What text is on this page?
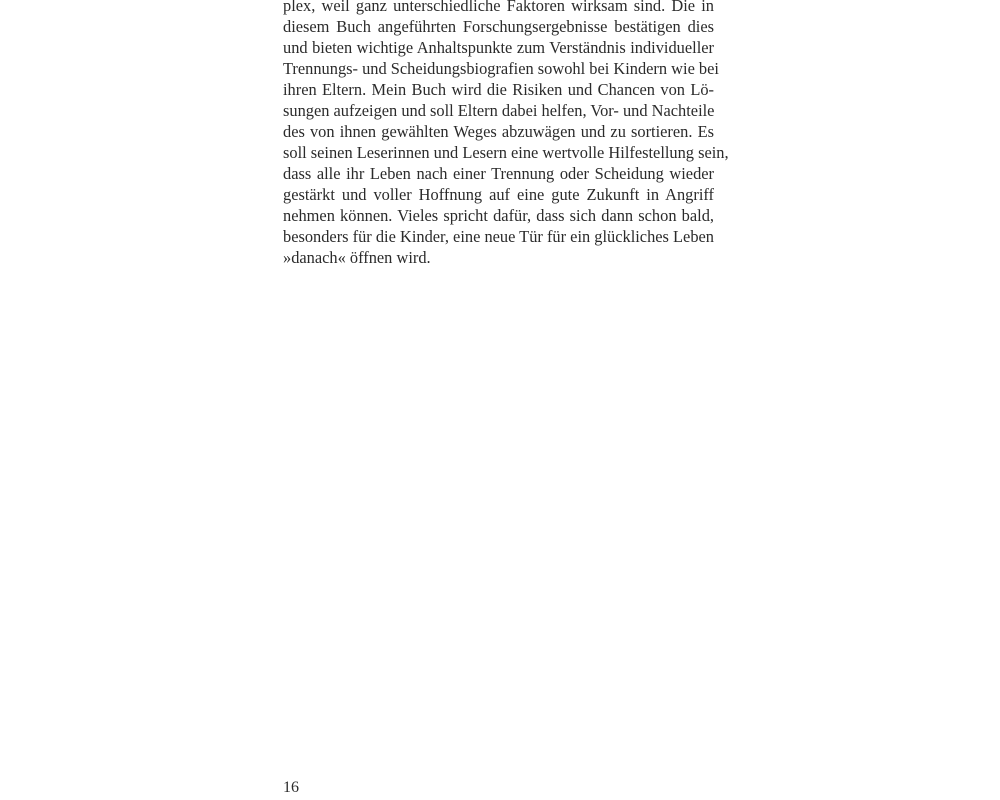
plex, weil ganz unterschiedliche Faktoren wirksam sind. Die in
diesem Buch angeführten Forschungsergebnisse bestätigen dies
und bieten wichtige Anhaltspunkte zum Verständnis individueller
Trennungs- und Scheidungsbiografien sowohl bei Kindern wie bei
ihren Eltern. Mein Buch wird die Risiken und Chancen von Lö-
sungen aufzeigen und soll Eltern dabei helfen, Vor- und Nachteile
des von ihnen gewählten Weges abzuwägen und zu sortieren. Es
soll seinen Leserinnen und Lesern eine wertvolle Hilfestellung sein,
dass alle ihr Leben nach einer Trennung oder Scheidung wieder
gestärkt und voller Hoffnung auf eine gute Zukunft in Angriff
nehmen können. Vieles spricht dafür, dass sich dann schon bald,
besonders für die Kinder, eine neue Tür für ein glückliches Leben
»danach« öffnen wird.
16
